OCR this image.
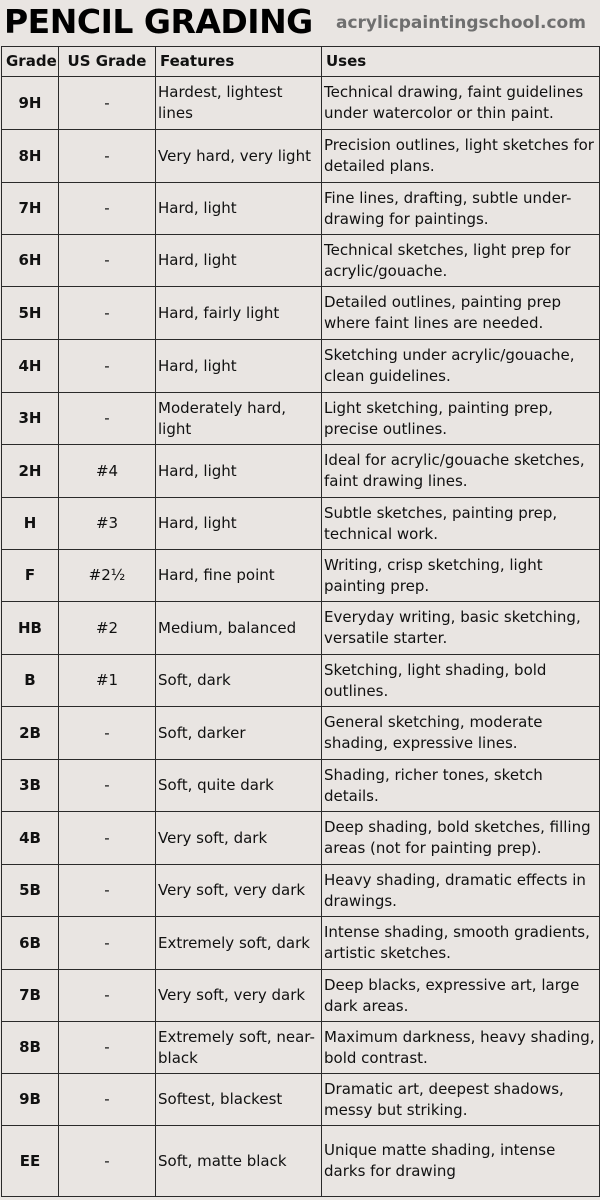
PENCIL GRADING acrylicpaintingschool.com
Grade	US Grade	Features	Uses
9H	-	Hardest, lightest lines	Technical drawing, faint guidelines under watercolor or thin paint.
8H	-	Very hard, very light	Precision outlines, light sketches for detailed plans.
7H	-	Hard, light	Fine lines, drafting, subtle under-drawing for paintings.
6H	-	Hard, light	Technical sketches, light prep for acrylic/gouache.
5H	-	Hard, fairly light	Detailed outlines, painting prep where faint lines are needed.
4H	-	Hard, light	Sketching under acrylic/gouache, clean guidelines.
3H	-	Moderately hard, light	Light sketching, painting prep, precise outlines.
2H	#4	Hard, light	Ideal for acrylic/gouache sketches, faint drawing lines.
H	#3	Hard, light	Subtle sketches, painting prep, technical work.
F	#2½	Hard, fine point	Writing, crisp sketching, light painting prep.
HB	#2	Medium, balanced	Everyday writing, basic sketching, versatile starter.
B	#1	Soft, dark	Sketching, light shading, bold outlines.
2B	-	Soft, darker	General sketching, moderate shading, expressive lines.
3B	-	Soft, quite dark	Shading, richer tones, sketch details.
4B	-	Very soft, dark	Deep shading, bold sketches, filling areas (not for painting prep).
5B	-	Very soft, very dark	Heavy shading, dramatic effects in drawings.
6B	-	Extremely soft, dark	Intense shading, smooth gradients, artistic sketches.
7B	-	Very soft, very dark	Deep blacks, expressive art, large dark areas.
8B	-	Extremely soft, near-black	Maximum darkness, heavy shading, bold contrast.
9B	-	Softest, blackest	Dramatic art, deepest shadows, messy but striking.
EE	-	Soft, matte black	Unique matte shading, intense darks for drawing
